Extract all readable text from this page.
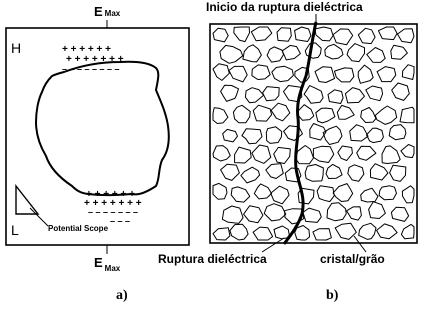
E Max
E $_{Max}$
H
L	Potential Scope
+ + + + + +
+ + + + + + +
– – – – – – – –
+ + + + + +
+ + + + + + +
– – – – – – –
– – –
a)
Inicio da ruptura dieléctrica
Ruptura dieléctrica	cristal/grão
b)
